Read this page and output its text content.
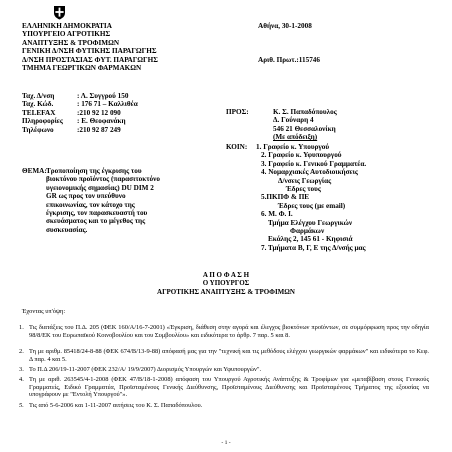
ΕΛΛΗΝΙΚΗ ΔΗΜΟΚΡΑΤΙΑ
ΥΠΟΥΡΓΕΙΟ ΑΓΡΟΤΙΚΗΣ
ΑΝΑΠΤΥΞΗΣ & ΤΡΟΦΙΜΩΝ
ΓΕΝΙΚΗ Δ/ΝΣΗ ΦΥΤΙΚΗΣ ΠΑΡΑΓΩΓΗΣ
Δ/ΝΣΗ ΠΡΟΣΤΑΣΙΑΣ ΦΥΤ. ΠΑΡΑΓΩΓΗΣ
ΤΜΗΜΑ ΓΕΩΡΓΙΚΩΝ ΦΑΡΜΑΚΩΝ
Αθήνα, 30-1-2008
Αριθ. Πρωτ.:115746
Ταχ. Δ/νση	: Λ. Συγγρού 150
Ταχ. Κώδ.	: 176 71 – Καλλιθέα
TELEFAX	:210 92 12 090
Πληροφορίες : Ε. Θεοφανάκη
Τηλέφωνο	:210 92 87 249
ΠΡΟΣ:	Κ. Σ. Παπαδόπουλος
Δ. Γούναρη 4
546 21 Θεσσαλονίκη
(Με απόδειξη)
ΚΟΙΝ: 1. Γραφείο κ. Υπουργού
2. Γραφείο κ. Υφυπουργού
3. Γραφείο κ. Γενικού Γραμματέα.
4. Νομαρχιακές Αυτοδιοικήσεις
Δ/νσεις Γεωργίας
Έδρες τους
5.ΠΚΠΦ & ΠΕ
Έδρες τους (με email)
6. Μ. Φ. Ι.
Τμήμα Ελέγχου Γεωργικών
Φαρμάκων
Εκάλης 2, 145 61 - Κηφισιά
7. Τμήματα Β, Γ, Ε της Δ/νσής μας
ΘΕΜΑ: Τροποποίηση της έγκρισης του
βιοκτόνου προϊόντος (παρασιτοκτόνο
υγειονομικής σημασίας) DU DIM 2
GR ως προς τον υπεύθυνο
επικοινωνίας, τον κάτοχο της
έγκρισης, τον παρασκευαστή του
σκευάσματος και το μέγεθος της
συσκευασίας.
Α Π Ο Φ Α Σ Η
Ο ΥΠΟΥΡΓΟΣ
ΑΓΡΟΤΙΚΗΣ ΑΝΑΠΤΥΞΗΣ & ΤΡΟΦΙΜΩΝ
Έχοντας υπ'όψη:
1. Τις διατάξεις του Π.Δ. 205 (ΦΕΚ 160/Α/16-7-2001) «Έγκριση, διάθεση στην αγορά και έλεγχος βιοκτόνων προϊόντων, σε συμμόρφωση προς την οδηγία 98/8/ΕΚ του Ευρωπαϊκού Κοινοβουλίου και του Συμβουλίου» και ειδικότερα το άρθρ. 7 παρ. 5 και 8.
2. Τη με αριθμ. 85418/24-8-88 (ΦΕΚ 674/Β/13-9-88) απόφασή μας για την "τεχνική και τις μεθόδους ελέγχου γεωργικών φαρμάκων" και ειδικότερα το Κεφ. Δ παρ. 4 και 5.
3. Το Π.Δ 206/19-11-2007 (ΦΕΚ 232/Α/ 19/9/2007) Διορισμός Υπουργών και Υφυπουργών".
4. Τη με αριθ. 263545/4-1-2008 (ΦΕΚ 47/Β/18-1-2008) απόφαση του Υπουργού Αγροτικής Ανάπτυξης & Τροφίμων για «μεταβίβαση στους Γενικούς Γραμματείς, Ειδικό Γραμματέα, Προϊσταμένους Γενικής Διεύθυνσης, Προϊσταμένους Διεύθυνσης και Προϊσταμένους Τμήματος της εξουσίας να υπογράφουν με "Εντολή Υπουργού"».
5. Τις από 5-6-2006 και 1-11-2007 αιτήσεις του Κ. Σ. Παπαδόπουλου.
- 1 -
